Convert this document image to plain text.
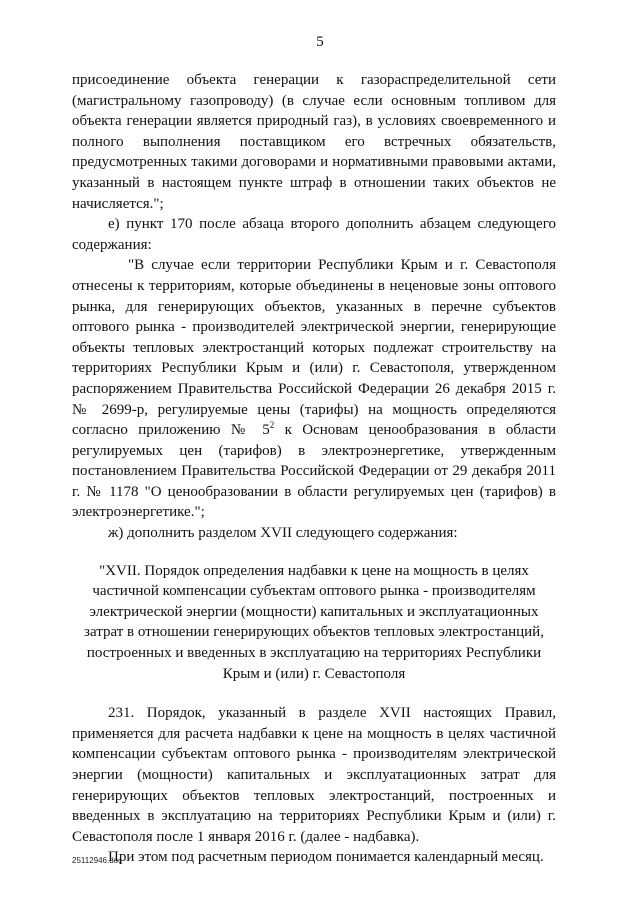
5

присоединение объекта генерации к газораспределительной сети (магистральному газопроводу) (в случае если основным топливом для объекта генерации является природный газ), в условиях своевременного и полного выполнения поставщиком его встречных обязательств, предусмотренных такими договорами и нормативными правовыми актами, указанный в настоящем пункте штраф в отношении таких объектов не начисляется.";

е) пункт 170 после абзаца второго дополнить абзацем следующего содержания:

"В случае если территории Республики Крым и г. Севастополя отнесены к территориям, которые объединены в неценовые зоны оптового рынка, для генерирующих объектов, указанных в перечне субъектов оптового рынка - производителей электрической энергии, генерирующие объекты тепловых электростанций которых подлежат строительству на территориях Республики Крым и (или) г. Севастополя, утвержденном распоряжением Правительства Российской Федерации 26 декабря 2015 г. № 2699-р, регулируемые цены (тарифы) на мощность определяются согласно приложению № $5^2$ к Основам ценообразования в области регулируемых цен (тарифов) в электроэнергетике, утвержденным постановлением Правительства Российской Федерации от 29 декабря 2011 г. № 1178 "О ценообразовании в области регулируемых цен (тарифов) в электроэнергетике.";

ж) дополнить разделом XVII следующего содержания:

"XVII. Порядок определения надбавки к цене на мощность в целях частичной компенсации субъектам оптового рынка - производителям электрической энергии (мощности) капитальных и эксплуатационных затрат в отношении генерирующих объектов тепловых электростанций, построенных и введенных в эксплуатацию на территориях Республики Крым и (или) г. Севастополя

231. Порядок, указанный в разделе XVII настоящих Правил, применяется для расчета надбавки к цене на мощность в целях частичной компенсации субъектам оптового рынка - производителям электрической энергии (мощности) капитальных и эксплуатационных затрат для генерирующих объектов тепловых электростанций, построенных и введенных в эксплуатацию на территориях Республики Крым и (или) г. Севастополя после 1 января 2016 г. (далее - надбавка).

При этом под расчетным периодом понимается календарный месяц.

25112946.doc
